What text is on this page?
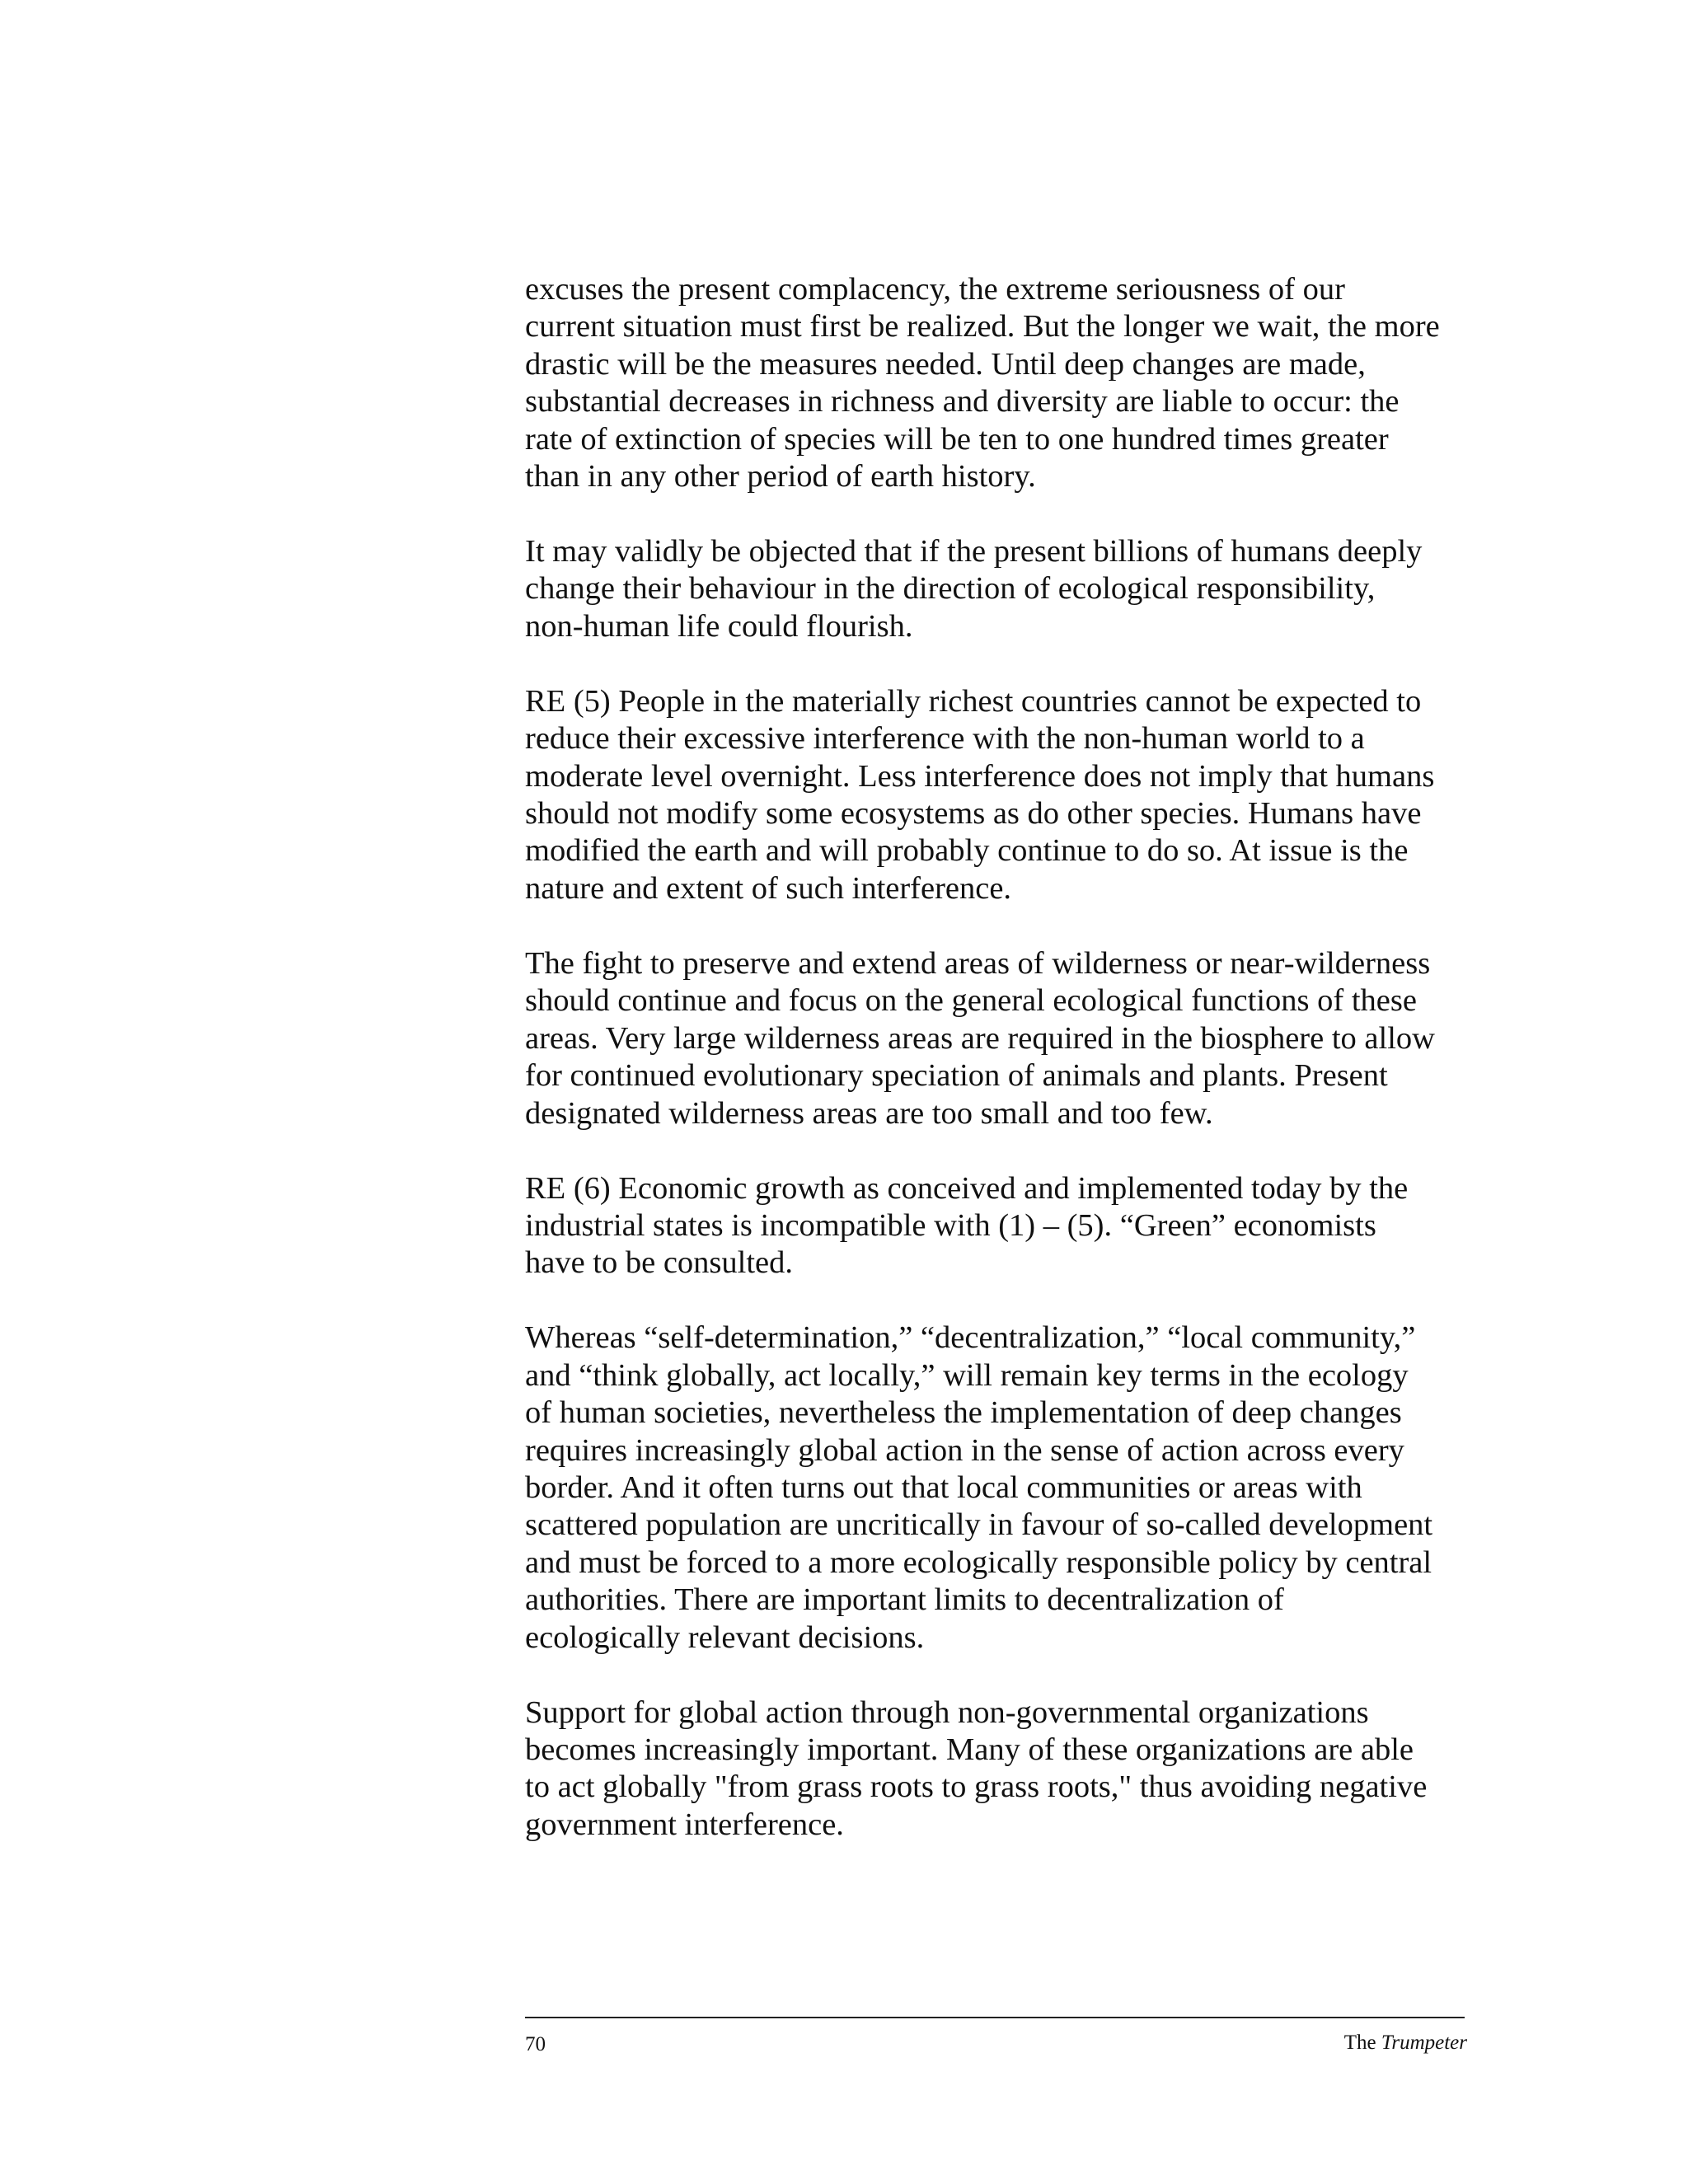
excuses the present complacency, the extreme seriousness of our
current situation must first be realized. But the longer we wait, the more
drastic will be the measures needed. Until deep changes are made,
substantial decreases in richness and diversity are liable to occur: the
rate of extinction of species will be ten to one hundred times greater
than in any other period of earth history.

It may validly be objected that if the present billions of humans deeply
change their behaviour in the direction of ecological responsibility,
non-human life could flourish.

RE (5) People in the materially richest countries cannot be expected to
reduce their excessive interference with the non-human world to a
moderate level overnight. Less interference does not imply that humans
should not modify some ecosystems as do other species. Humans have
modified the earth and will probably continue to do so. At issue is the
nature and extent of such interference.

The fight to preserve and extend areas of wilderness or near-wilderness
should continue and focus on the general ecological functions of these
areas. Very large wilderness areas are required in the biosphere to allow
for continued evolutionary speciation of animals and plants. Present
designated wilderness areas are too small and too few.

RE (6) Economic growth as conceived and implemented today by the
industrial states is incompatible with (1) – (5). “Green” economists
have to be consulted.

Whereas “self-determination,” “decentralization,” “local community,”
and “think globally, act locally,” will remain key terms in the ecology
of human societies, nevertheless the implementation of deep changes
requires increasingly global action in the sense of action across every
border. And it often turns out that local communities or areas with
scattered population are uncritically in favour of so-called development
and must be forced to a more ecologically responsible policy by central
authorities. There are important limits to decentralization of
ecologically relevant decisions.

Support for global action through non-governmental organizations
becomes increasingly important. Many of these organizations are able
to act globally "from grass roots to grass roots," thus avoiding negative
government interference.

70	The Trumpeter
